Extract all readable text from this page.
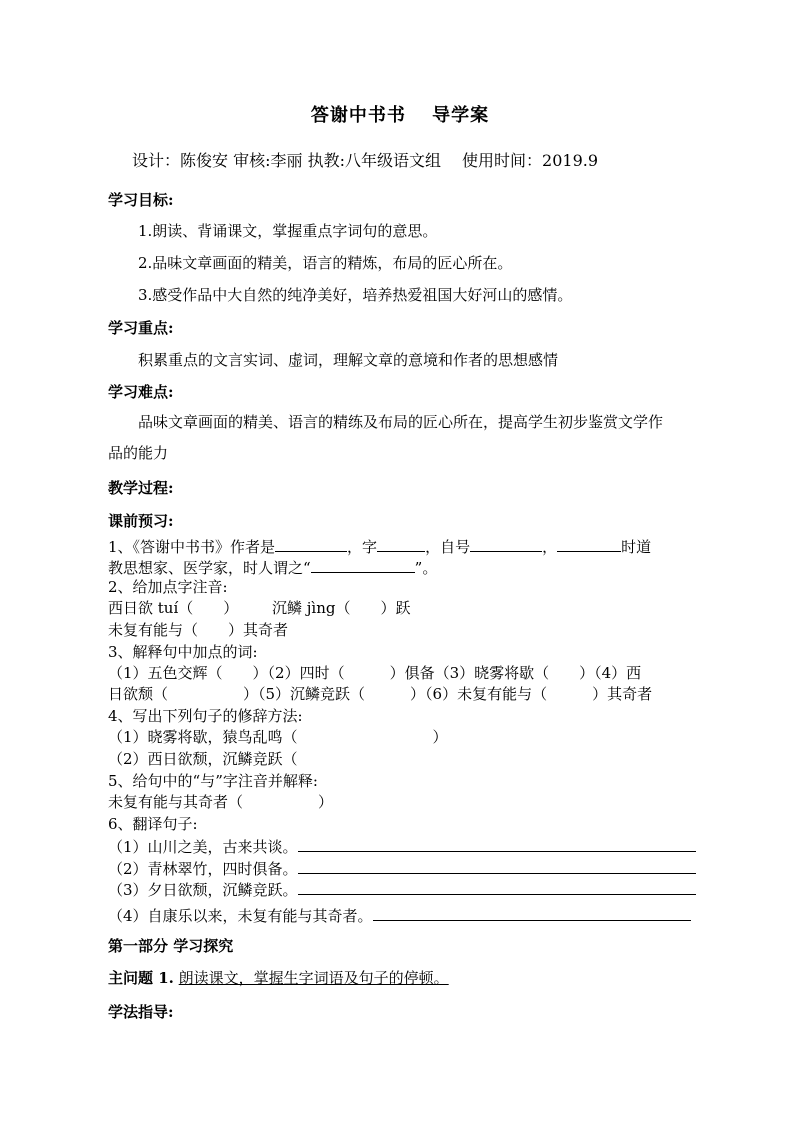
答谢中书书　 导学案
设计：陈俊安 审核:李丽 执教:八年级语文组　 使用时间：2019.9
学习目标:
1.朗读、背诵课文，掌握重点字词句的意思。
2.品味文章画面的精美，语言的精炼，布局的匠心所在。
3.感受作品中大自然的纯净美好，培养热爱祖国大好河山的感情。
学习重点:
积累重点的文言实词、虚词，理解文章的意境和作者的思想感情
学习难点:
品味文章画面的精美、语言的精练及布局的匠心所在，提高学生初步鉴赏文学作
品的能力
教学过程:
课前预习:
1、《答谢中书书》作者是	，字	，自号	，	时道
教思想家、医学家，时人谓之“	”。
2、给加点字注音:
西日欲 tuí（　　） 沉鳞 jìng（　　）跃
未复有能与（　　）其奇者
3、解释句中加点的词:
（1）五色交辉（　　）（2）四时（　　　）俱备（3）晓雾将歇（　　）（4）西
日欲颓（　　　　　）（5）沉鳞竞跃（　　　）（6）未复有能与（　　　）其奇者
4、写出下列句子的修辞方法:
（1）晓雾将歇，猿鸟乱鸣（　　　　　　　　　）
（2）西日欲颓，沉鳞竞跃（
5、给句中的“与”字注音并解释:
未复有能与其奇者（　　　　　）
6、翻译句子:
（1）山川之美，古来共谈。
（2）青林翠竹，四时俱备。
（3）夕日欲颓，沉鳞竞跃。
（4）自康乐以来，未复有能与其奇者。
第一部分 学习探究
主问题 1. 朗读课文，掌握生字词语及句子的停顿。
学法指导:
